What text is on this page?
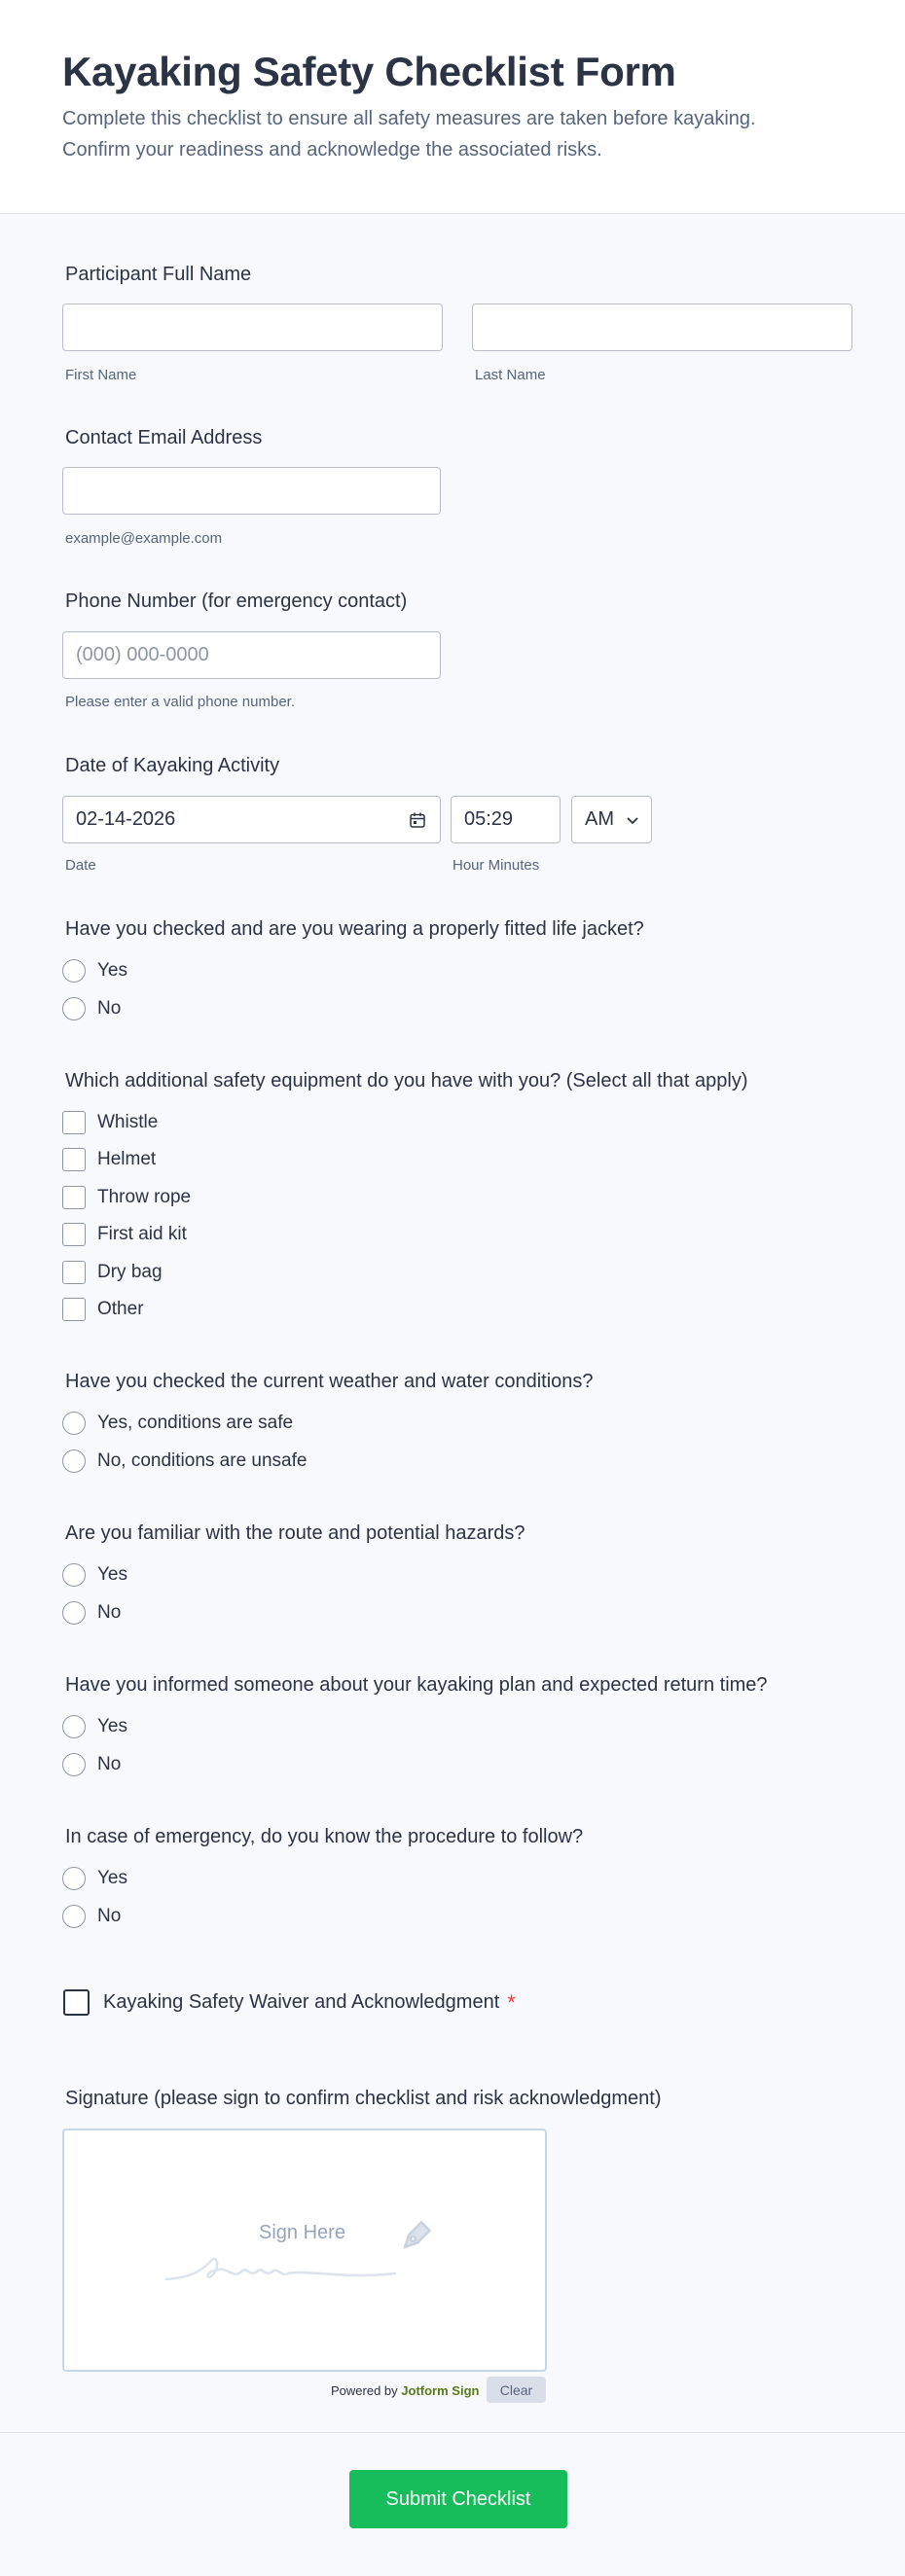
Kayaking Safety Checklist Form
Complete this checklist to ensure all safety measures are taken before kayaking.
Confirm your readiness and acknowledge the associated risks.
Participant Full Name
First Name	Last Name
Contact Email Address
example@example.com
Phone Number (for emergency contact)
(000) 000-0000
Please enter a valid phone number.
Date of Kayaking Activity
02-14-2026	05:29	AM
Date	Hour Minutes
Have you checked and are you wearing a properly fitted life jacket?
Yes
No
Which additional safety equipment do you have with you? (Select all that apply)
Whistle
Helmet
Throw rope
First aid kit
Dry bag
Other
Have you checked the current weather and water conditions?
Yes, conditions are safe
No, conditions are unsafe
Are you familiar with the route and potential hazards?
Yes
No
Have you informed someone about your kayaking plan and expected return time?
Yes
No
In case of emergency, do you know the procedure to follow?
Yes
No
Kayaking Safety Waiver and Acknowledgment *
Signature (please sign to confirm checklist and risk acknowledgment)
Sign Here
Powered by Jotform Sign	Clear
Submit Checklist
